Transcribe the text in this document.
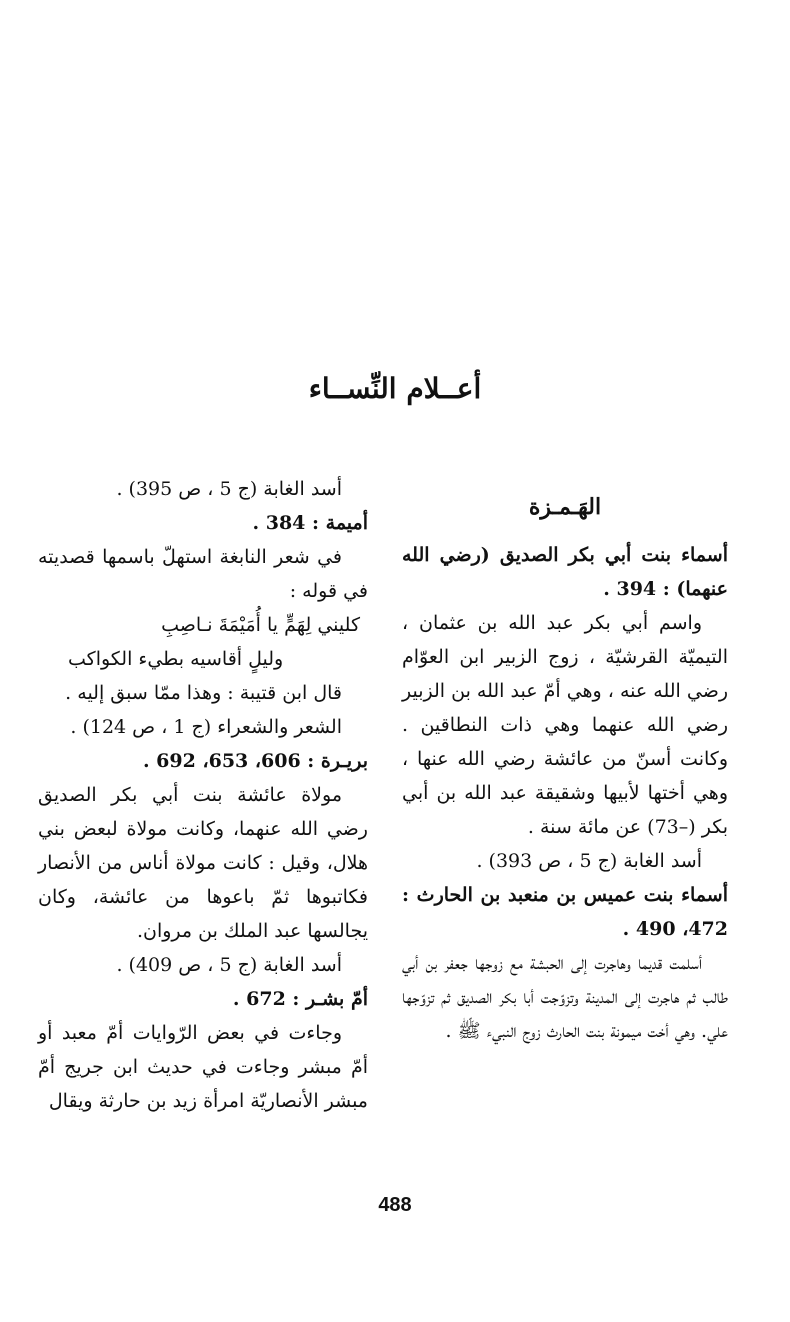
أعــلام النِّســاء

الهَـمـزة

أسماء بنت أبي بكر الصديق (رضي الله عنهما) : 394 .

واسم أبي بكر عبد الله بن عثمان ، التيميّة القرشيّة ، زوج الزبير ابن العوّام رضي الله عنه ، وهي أمّ عبد الله بن الزبير رضي الله عنهما وهي ذات النطاقين . وكانت أسنّ من عائشة رضي الله عنها ، وهي أختها لأبيها وشقيقة عبد الله بن أبي بكر (–73) عن مائة سنة .

أسد الغابة (ج 5 ، ص 393) .

أسماء بنت عميس بن منعبد بن الحارث : 472، 490 .

أسلمت قديما وهاجرت إلى الحبشة مع زوجها جعفر بن أبي طالب ثم هاجرت إلى المدينة وتزوّجت أبا بكر الصديق ثم تزوّجها علي. وهي أخت ميمونة بنت الحارث زوج النبيء ﷺ .

أسد الغابة (ج 5 ، ص 395) .

أميمة : 384 .

في شعر النابغة استهلّ باسمها قصديته في قوله :

كليني لِهَمٍّ يا أُمَيْمَةَ نـاصِبِ

وليلٍ أقاسيه بطيء الكواكب

قال ابن قتيبة : وهذا ممّا سبق إليه .

الشعر والشعراء (ج 1 ، ص 124) .

بريـرة : 606، 653، 692 .

مولاة عائشة بنت أبي بكر الصديق رضي الله عنهما، وكانت مولاة لبعض بني هلال، وقيل : كانت مولاة أناس من الأنصار فكاتبوها ثمّ باعوها من عائشة، وكان يجالسها عبد الملك بن مروان.

أسد الغابة (ج 5 ، ص 409) .

أمّ بشـر : 672 .

وجاءت في بعض الرّوايات أمّ معبد أو أمّ مبشر وجاءت في حديث ابن جريج أمّ مبشر الأنصاريّة امرأة زيد بن حارثة ويقال

488
